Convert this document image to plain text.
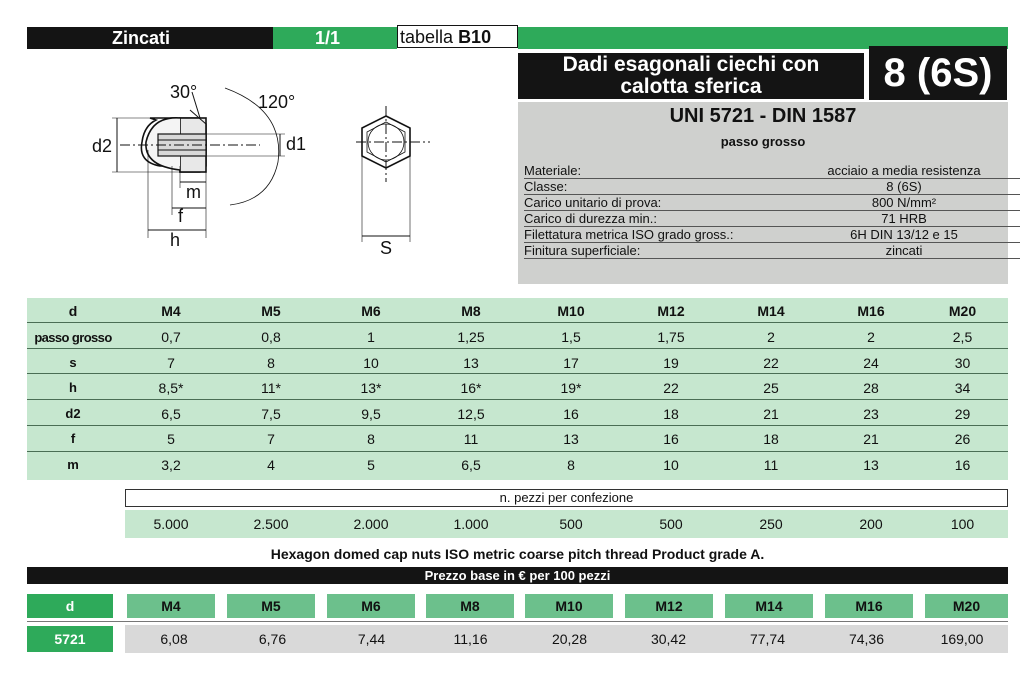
Zincati	1/1	tabella B10
Dadi esagonali ciechi con
calotta sferica	8 (6S)
UNI 5721 - DIN 1587
passo grosso
Materiale:	acciaio a media resistenza
Classe:	8 (6S)
Carico unitario di prova:	800 N/mm²
Carico di durezza min.:	71 HRB
Filettatura metrica ISO grado gross.:	6H DIN 13/12 e 15
Finitura superficiale:	zincati
30°	120°
d2	d1
m
f
h	S
d	M4	M5	M6	M8	M10	M12	M14	M16	M20
passo grosso	0,7	0,8	1	1,25	1,5	1,75	2	2	2,5
s	7	8	10	13	17	19	22	24	30
h	8,5*	11*	13*	16*	19*	22	25	28	34
d2	6,5	7,5	9,5	12,5	16	18	21	23	29
f	5	7	8	11	13	16	18	21	26
m	3,2	4	5	6,5	8	10	11	13	16
n. pezzi per confezione
5.000	2.500	2.000	1.000	500	500	250	200	100
Hexagon domed cap nuts ISO metric coarse pitch thread Product grade A.
Prezzo base in € per 100 pezzi
d	M4	M5	M6	M8	M10	M12	M14	M16	M20
5721	6,08	6,76	7,44	11,16	20,28	30,42	77,74	74,36	169,00
